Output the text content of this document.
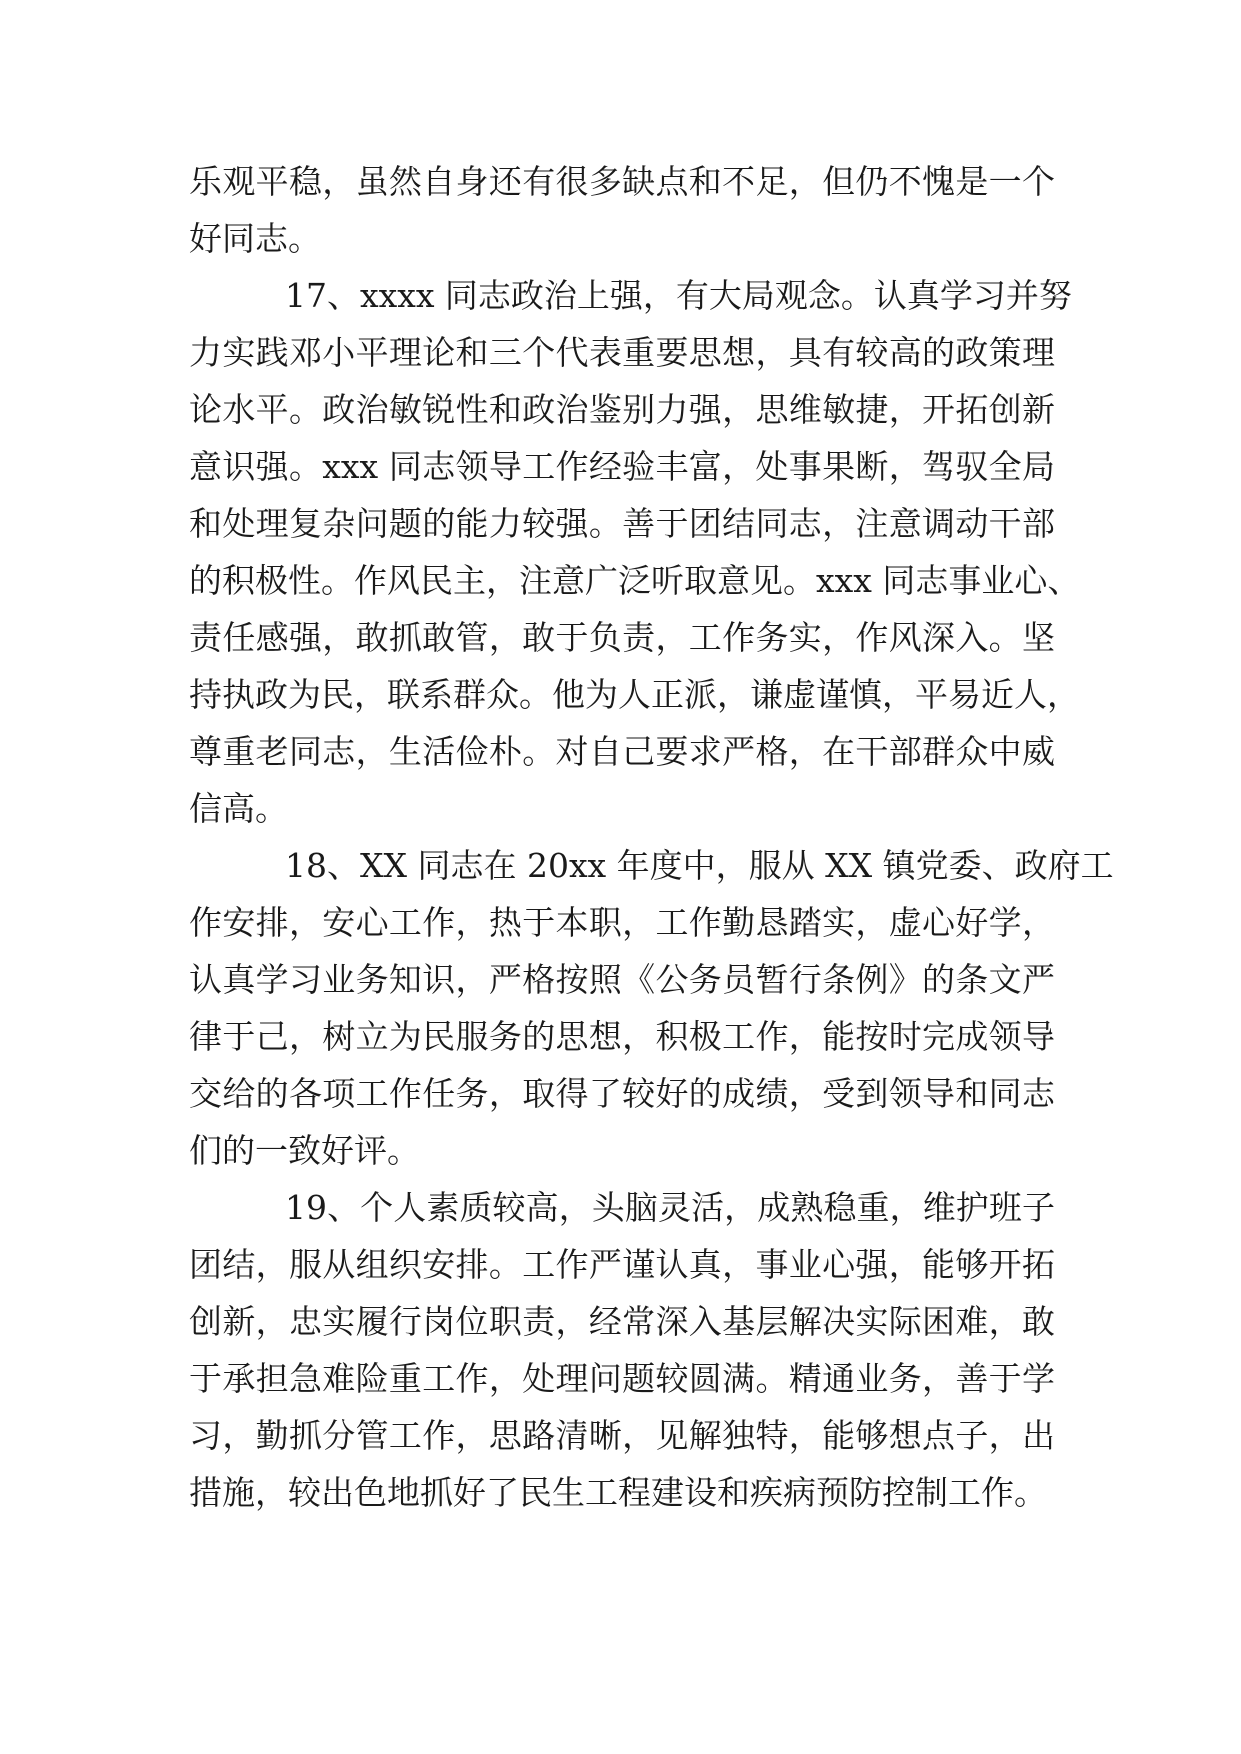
乐观平稳，虽然自身还有很多缺点和不足，但仍不愧是一个
好同志。
17、xxxx 同志政治上强，有大局观念。认真学习并努
力实践邓小平理论和三个代表重要思想，具有较高的政策理
论水平。政治敏锐性和政治鉴别力强，思维敏捷，开拓创新
意识强。xxx 同志领导工作经验丰富，处事果断，驾驭全局
和处理复杂问题的能力较强。善于团结同志，注意调动干部
的积极性。作风民主，注意广泛听取意见。xxx 同志事业心、
责任感强，敢抓敢管，敢于负责，工作务实，作风深入。坚
持执政为民，联系群众。他为人正派，谦虚谨慎，平易近人，
尊重老同志，生活俭朴。对自己要求严格，在干部群众中威
信高。
18、XX 同志在 20xx 年度中，服从 XX 镇党委、政府工
作安排，安心工作，热于本职，工作勤恳踏实，虚心好学，
认真学习业务知识，严格按照《公务员暂行条例》的条文严
律于己，树立为民服务的思想，积极工作，能按时完成领导
交给的各项工作任务，取得了较好的成绩，受到领导和同志
们的一致好评。
19、个人素质较高，头脑灵活，成熟稳重，维护班子
团结，服从组织安排。工作严谨认真，事业心强，能够开拓
创新，忠实履行岗位职责，经常深入基层解决实际困难，敢
于承担急难险重工作，处理问题较圆满。精通业务，善于学
习，勤抓分管工作，思路清晰，见解独特，能够想点子，出
措施，较出色地抓好了民生工程建设和疾病预防控制工作。
